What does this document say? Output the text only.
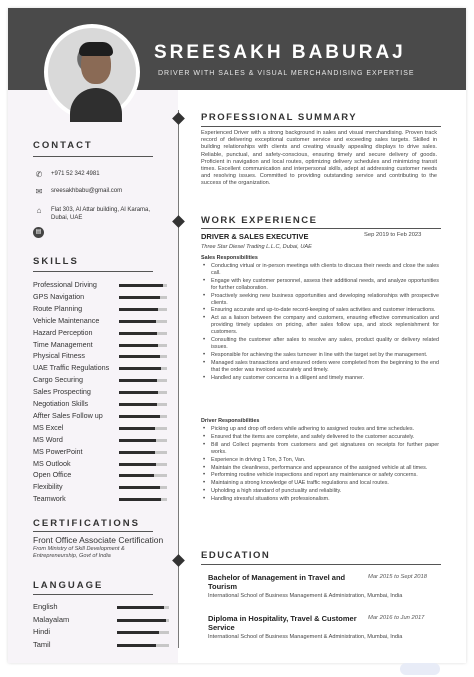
SREESAKH BABURAJ
DRIVER WITH SALES & VISUAL MERCHANDISING EXPERTISE
CONTACT
✆	+971 52 342 4981
✉	sreesakhbabu@gmail.com
⌂	Flat 303, Al Attar building, Al Karama,
Dubai, UAE
▤
SKILLS
Professional Driving
GPS Navigation
Route Planning
Vehicle Maintenance
Hazard Perception
Time Management
Physical Fitness
UAE Traffic Regulations
Cargo Securing
Sales Prospecting
Negotiation Skills
Affter Sales Follow up
MS Excel
MS Word
MS PowerPoint
MS Outlook
Open Office
Flexibility
Teamwork
CERTIFICATIONS
Front Office Associate Certification
From Ministry of Skill Development & Entrepreneurship, Govt of India
LANGUAGE
English
Malayalam
Hindi
Tamil
PROFESSIONAL SUMMARY
Experienced Driver with a strong background in sales and visual merchandising. Proven track record of delivering exceptional customer service and exceeding sales targets. Skilled in building relationships with clients and creating visually appealing displays to drive sales. Reliable, punctual, and safety-conscious, ensuring timely and secure delivery of goods. Proficient in navigation and local routes, optimizing delivery schedules and minimizing transit times. Excellent communication and interpersonal skills, adept at addressing customer needs and resolving issues. Committed to providing outstanding service and contributing to the success of the organization.
WORK EXPERIENCE
DRIVER & SALES EXECUTIVE	Sep 2019 to Feb 2023
Three Star Diesel Trading L.L.C, Dubai, UAE
Sales Responsibilities
• Conducting virtual or in-person meetings with clients to discuss their needs and close the sales call.
• Engage with key customer personnel, assess their additional needs, and analyze opportunities for further collaboration.
• Proactively seeking new business opportunities and developing relationships with prospective clients.
• Ensuring accurate and up-to-date record-keeping of sales activities and customer interactions.
• Act as a liaison between the company and customers, ensuring effective communication and providing timely updates on pricing, after sales follow ups, and stock replenishment for customers.
• Consulting the customer after sales to resolve any sales, product quality or delivery related issues.
• Responsible for achieving the sales turnover in line with the target set by the management.
• Managed sales transactions and ensured orders were completed from the beginning to the end that the order was invoiced accurately and timely.
• Handled any customer concerns in a diligent and timely manner.
Driver Responsibilities
• Picking up and drop off orders while adhering to assigned routes and time schedules.
• Ensured that the items are complete, and safely delivered to the customer accurately.
• Bill and Collect payments from customers and get signatures on receipts for further paper works.
• Experience in driving 1 Ton, 3 Ton, Van.
• Maintain the cleanliness, performance and appearance of the assigned vehicle at all times.
• Performing routine vehicle inspections and report any maintenance or safety concerns.
• Maintaining a strong knowledge of UAE traffic regulations and local routes.
• Upholding a high standard of punctuality and reliability.
• Handling stressful situations with professionalism.
EDUCATION
Bachelor of Management in Travel and Tourism
Mar 2015 to Sept 2018
International School of Business Management & Administration, Mumbai, India
Diploma in Hospitality, Travel & Customer Service
Mar 2016 to Jun 2017
International School of Business Management & Administration, Mumbai, India
